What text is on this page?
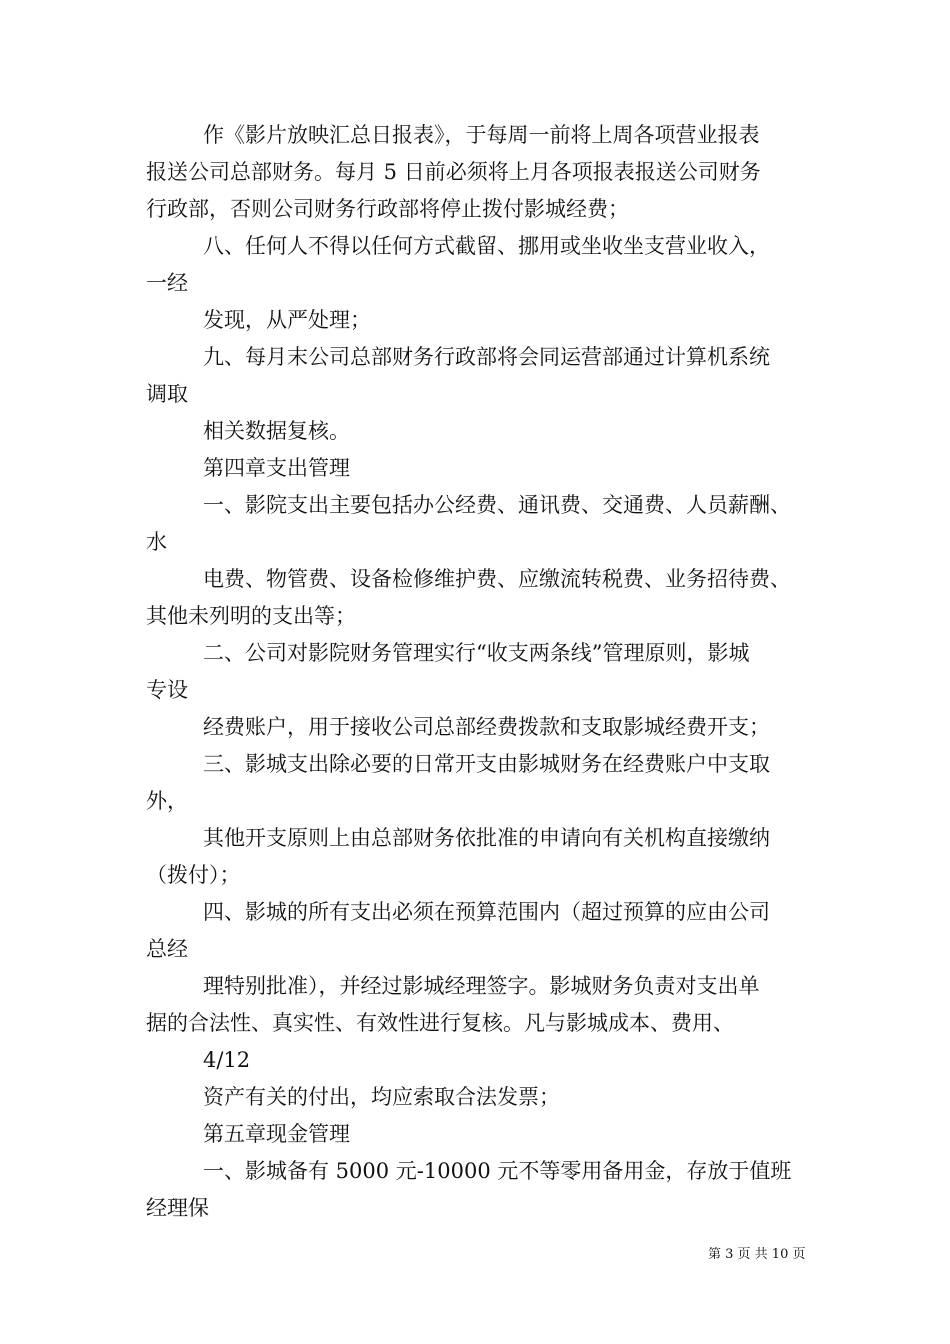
作《影片放映汇总日报表》，于每周一前将上周各项营业报表
报送公司总部财务。每月 5 日前必须将上月各项报表报送公司财务
行政部，否则公司财务行政部将停止拨付影城经费；
八、任何人不得以任何方式截留、挪用或坐收坐支营业收入，
一经
发现，从严处理；
九、每月末公司总部财务行政部将会同运营部通过计算机系统
调取
相关数据复核。
第四章支出管理
一、影院支出主要包括办公经费、通讯费、交通费、人员薪酬、
水
电费、物管费、设备检修维护费、应缴流转税费、业务招待费、
其他未列明的支出等；
二、公司对影院财务管理实行“收支两条线”管理原则，影城
专设
经费账户，用于接收公司总部经费拨款和支取影城经费开支；
三、影城支出除必要的日常开支由影城财务在经费账户中支取
外，
其他开支原则上由总部财务依批准的申请向有关机构直接缴纳
（拨付）；
四、影城的所有支出必须在预算范围内（超过预算的应由公司
总经
理特别批准），并经过影城经理签字。影城财务负责对支出单
据的合法性、真实性、有效性进行复核。凡与影城成本、费用、
4/12
资产有关的付出，均应索取合法发票；
第五章现金管理
一、影城备有 5000 元-10000 元不等零用备用金，存放于值班
经理保
第 3 页 共 10 页
